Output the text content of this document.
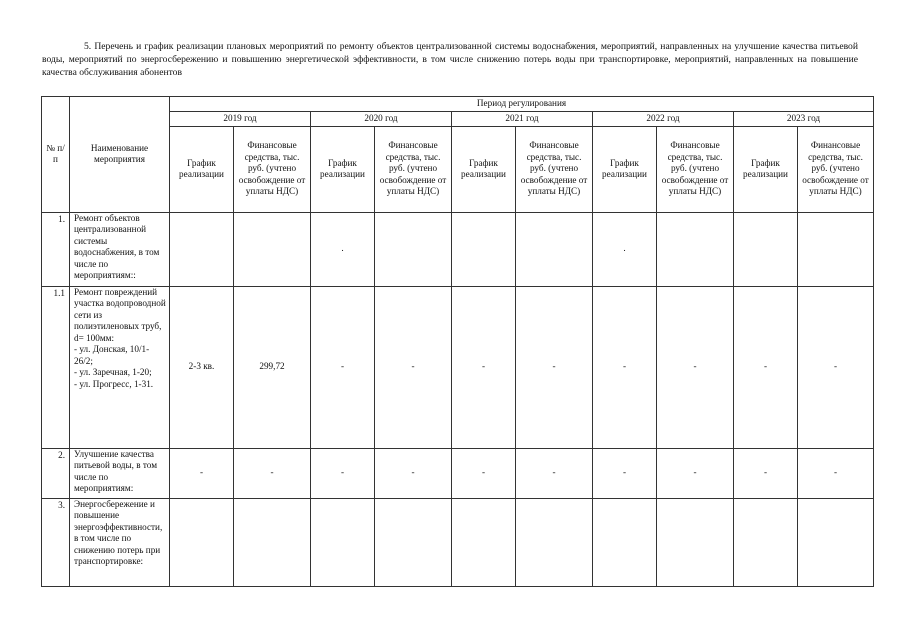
5. Перечень и график реализации плановых мероприятий по ремонту объектов централизованной системы водоснабжения, мероприятий, направленных на улучшение качества питьевой воды, мероприятий по энергосбережению и повышению энергетической эффективности, в том числе снижению потерь воды при транспортировке, мероприятий, направленных на повышение качества обслуживания абонентов
№ п/п	Наименование мероприятия	Период регулирования									
		2019 год		2020 год		2021 год		2022 год		2023 год	
		График реализации	Финансовые средства, тыс. руб. (учтено освобождение от уплаты НДС)	График реализации	Финансовые средства, тыс. руб. (учтено освобождение от уплаты НДС)	График реализации	Финансовые средства, тыс. руб. (учтено освобождение от уплаты НДС)	График реализации	Финансовые средства, тыс. руб. (учтено освобождение от уплаты НДС)	График реализации	Финансовые средства, тыс. руб. (учтено освобождение от уплаты НДС)
1.	Ремонт объектов централизованной системы водоснабжения, в том числе по мероприятиям::			.				.			
1.1	Ремонт повреждений участка водопроводной сети из полиэтиленовых труб, d= 100мм:
- ул. Донская, 10/1-26/2;
- ул. Заречная, 1-20;
- ул. Прогресс, 1-31.	2-3 кв.	299,72	-	-	-	-	-	-	-	-
2.	Улучшение качества питьевой воды, в том числе по мероприятиям:	-	-	-	-	-	-	-	-	-	-
3.	Энергосбережение и повышение энергоэффективности, в том числе по снижению потерь при транспортировке:										
